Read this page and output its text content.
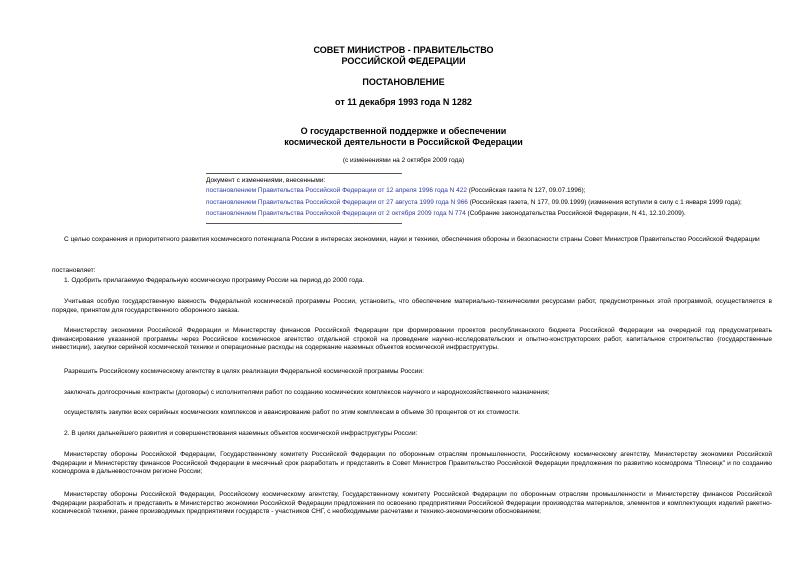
СОВЕТ МИНИСТРОВ - ПРАВИТЕЛЬСТВО
РОССИЙСКОЙ ФЕДЕРАЦИИ
ПОСТАНОВЛЕНИЕ
от 11 декабря 1993 года N 1282
О государственной поддержке и обеспечении
космической деятельности в Российской Федерации
(с изменениями на 2 октября 2009 года)
Документ с изменениями, внесенными:
постановлением Правительства Российской Федерации от 12 апреля 1996 года N 422 (Российская газета N 127, 09.07.1996);
постановлением Правительства Российской Федерации от 27 августа 1999 года N 966 (Российская газета, N 177, 09.09.1999) (изменения вступили в силу с 1 января 1999 года);
постановлением Правительства Российской Федерации от 2 октября 2009 года N 774 (Собрание законодательства Российской Федерации, N 41, 12.10.2009).
С целью сохранения и приоритетного развития космического потенциала России в интересах экономики, науки и техники, обеспечения обороны и безопасности страны Совет Министров Правительство Российской Федерации
постановляет:
1. Одобрить прилагаемую Федеральную космическую программу России на период до 2000 года.
Учитывая особую государственную важность Федеральной космической программы России, установить, что обеспечение материально-техническими ресурсами работ, предусмотренных этой программой, осуществляется в порядке, принятом для государственного оборонного заказа.
Министерству экономики Российской Федерации и Министерству финансов Российской Федерации при формировании проектов республиканского бюджета Российской Федерации на очередной год предусматривать финансирование указанной программы через Российское космическое агентство отдельной строкой на проведение научно-исследовательских и опытно-конструкторских работ, капитальное строительство (государственные инвестиции), закупки серийной космической техники и операционные расходы на содержание наземных объектов космической инфраструктуры.
Разрешить Российскому космическому агентству в целях реализации Федеральной космической программы России:
заключать долгосрочные контракты (договоры) с исполнителями работ по созданию космических комплексов научного и народнохозяйственного назначения;
осуществлять закупки всех серийных космических комплексов и авансирование работ по этим комплексам в объеме 30 процентов от их стоимости.
2. В целях дальнейшего развития и совершенствования наземных объектов космической инфраструктуры России:
Министерству обороны Российской Федерации, Государственному комитету Российской Федерации по оборонным отраслям промышленности, Российскому космическому агентству, Министерству экономики Российской Федерации и Министерству финансов Российской Федерации в месячный срок разработать и представить в Совет Министров Правительство Российской Федерации предложения по развитию космодрома "Плесецк" и по созданию космодрома в дальневосточном регионе России;
Министерству обороны Российской Федерации, Российскому космическому агентству, Государственному комитету Российской Федерации по оборонным отраслям промышленности и Министерству финансов Российской Федерации разработать и представить в Министерство экономики Российской Федерации предложения по освоению предприятиями Российской Федерации производства материалов, элементов и комплектующих изделий ракетно-космической техники, ранее производимых предприятиями государств - участников СНГ, с необходимыми расчетами и технико-экономическим обоснованием;
